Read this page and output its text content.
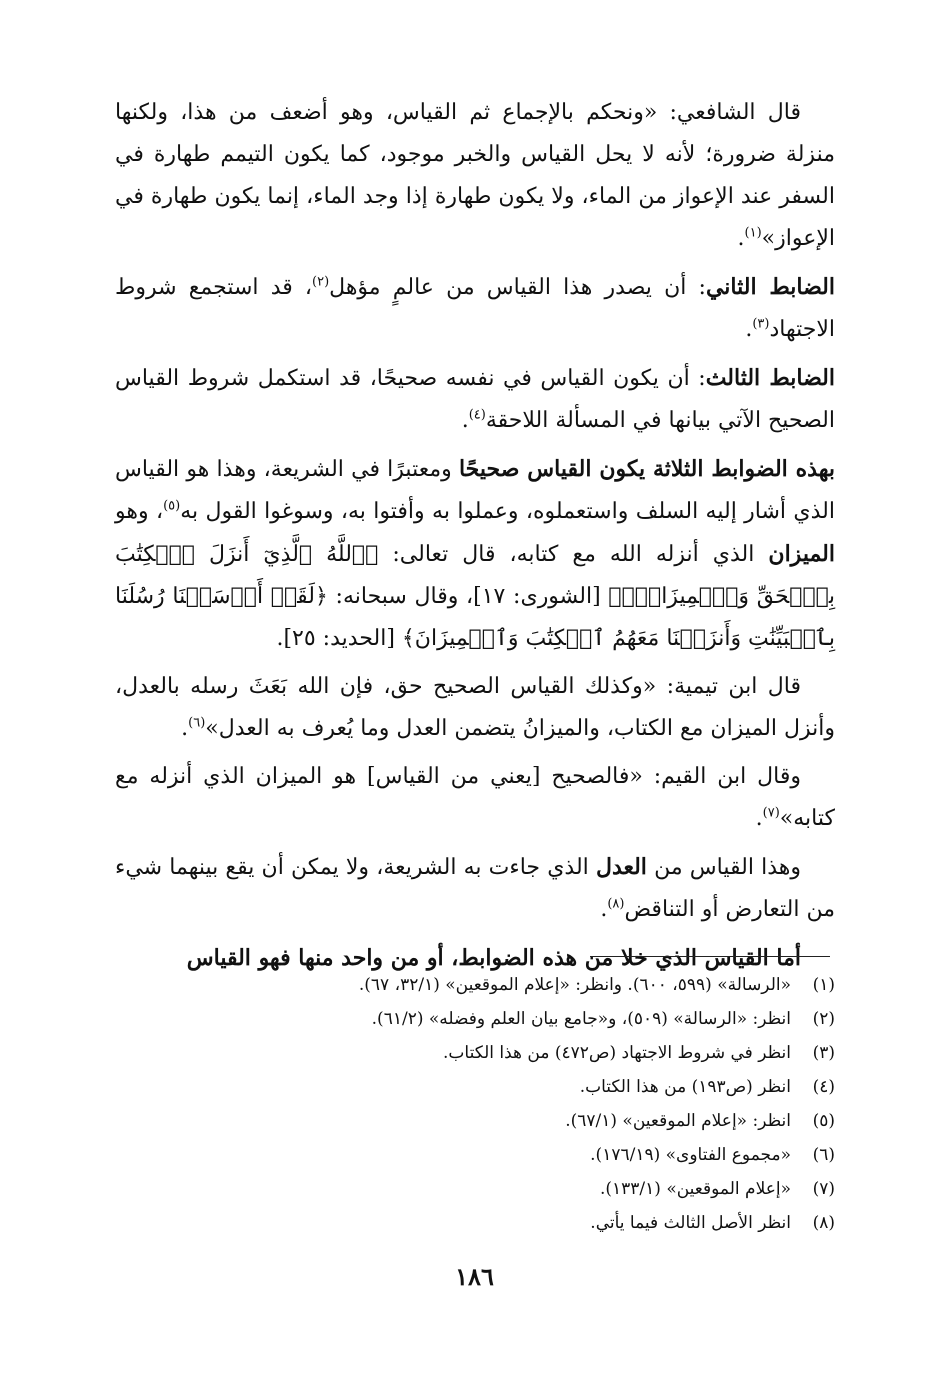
قال الشافعي: «ونحكم بالإجماع ثم القياس، وهو أضعف من هذا، ولكنها منزلة ضرورة؛ لأنه لا يحل القياس والخبر موجود، كما يكون التيمم طهارة في السفر عند الإعواز من الماء، ولا يكون طهارة إذا وجد الماء، إنما يكون طهارة في الإعواز»$^{(١)}$.

الضابط الثاني: أن يصدر هذا القياس من عالمٍ مؤهل$^{(٢)}$، قد استجمع شروط الاجتهاد$^{(٣)}$.

الضابط الثالث: أن يكون القياس في نفسه صحيحًا، قد استكمل شروط القياس الصحيح الآتي بيانها في المسألة اللاحقة$^{(٤)}$.

بهذه الضوابط الثلاثة يكون القياس صحيحًا ومعتبرًا في الشريعة، وهذا هو القياس الذي أشار إليه السلف واستعملوه، وعملوا به وأفتوا به، وسوغوا القول به$^{(٥)}$، وهو الميزان الذي أنزله الله مع كتابه، قال تعالى: ﴿ٱللَّهُ ٱلَّذِيٓ أَنزَلَ ٱلۡكِتَٰبَ بِٱلۡحَقِّ وَٱلۡمِيزَانَۗ﴾ [الشورى: ١٧]، وقال سبحانه: ﴿لَقَدۡ أَرۡسَلۡنَا رُسُلَنَا بِٱلۡبَيِّنَٰتِ وَأَنزَلۡنَا مَعَهُمُ ٱلۡكِتَٰبَ وَٱلۡمِيزَانَ﴾ [الحديد: ٢٥].

قال ابن تيمية: «وكذلك القياس الصحيح حق، فإن الله بَعَثَ رسله بالعدل، وأنزل الميزان مع الكتاب، والميزانُ يتضمن العدل وما يُعرف به العدل»$^{(٦)}$.

وقال ابن القيم: «فالصحيح [يعني من القياس] هو الميزان الذي أنزله مع كتابه»$^{(٧)}$.

وهذا القياس من العدل الذي جاءت به الشريعة، ولا يمكن أن يقع بينهما شيء من التعارض أو التناقض$^{(٨)}$.

أما القياس الذي خلا من هذه الضوابط، أو من واحد منها فهو القياس

(١)
«الرسالة» (٥٩٩، ٦٠٠). وانظر: «إعلام الموقعين» (٣٢/١، ٦٧).
(٢)
انظر: «الرسالة» (٥٠٩)، و«جامع بيان العلم وفضله» (٦١/٢).
(٣)
انظر في شروط الاجتهاد (ص٤٧٢) من هذا الكتاب.
(٤)
انظر (ص١٩٣) من هذا الكتاب.
(٥)
انظر: «إعلام الموقعين» (٦٧/١).
(٦)
«مجموع الفتاوى» (١٧٦/١٩).
(٧)
«إعلام الموقعين» (١٣٣/١).
(٨)
انظر الأصل الثالث فيما يأتي.
١٨٦
